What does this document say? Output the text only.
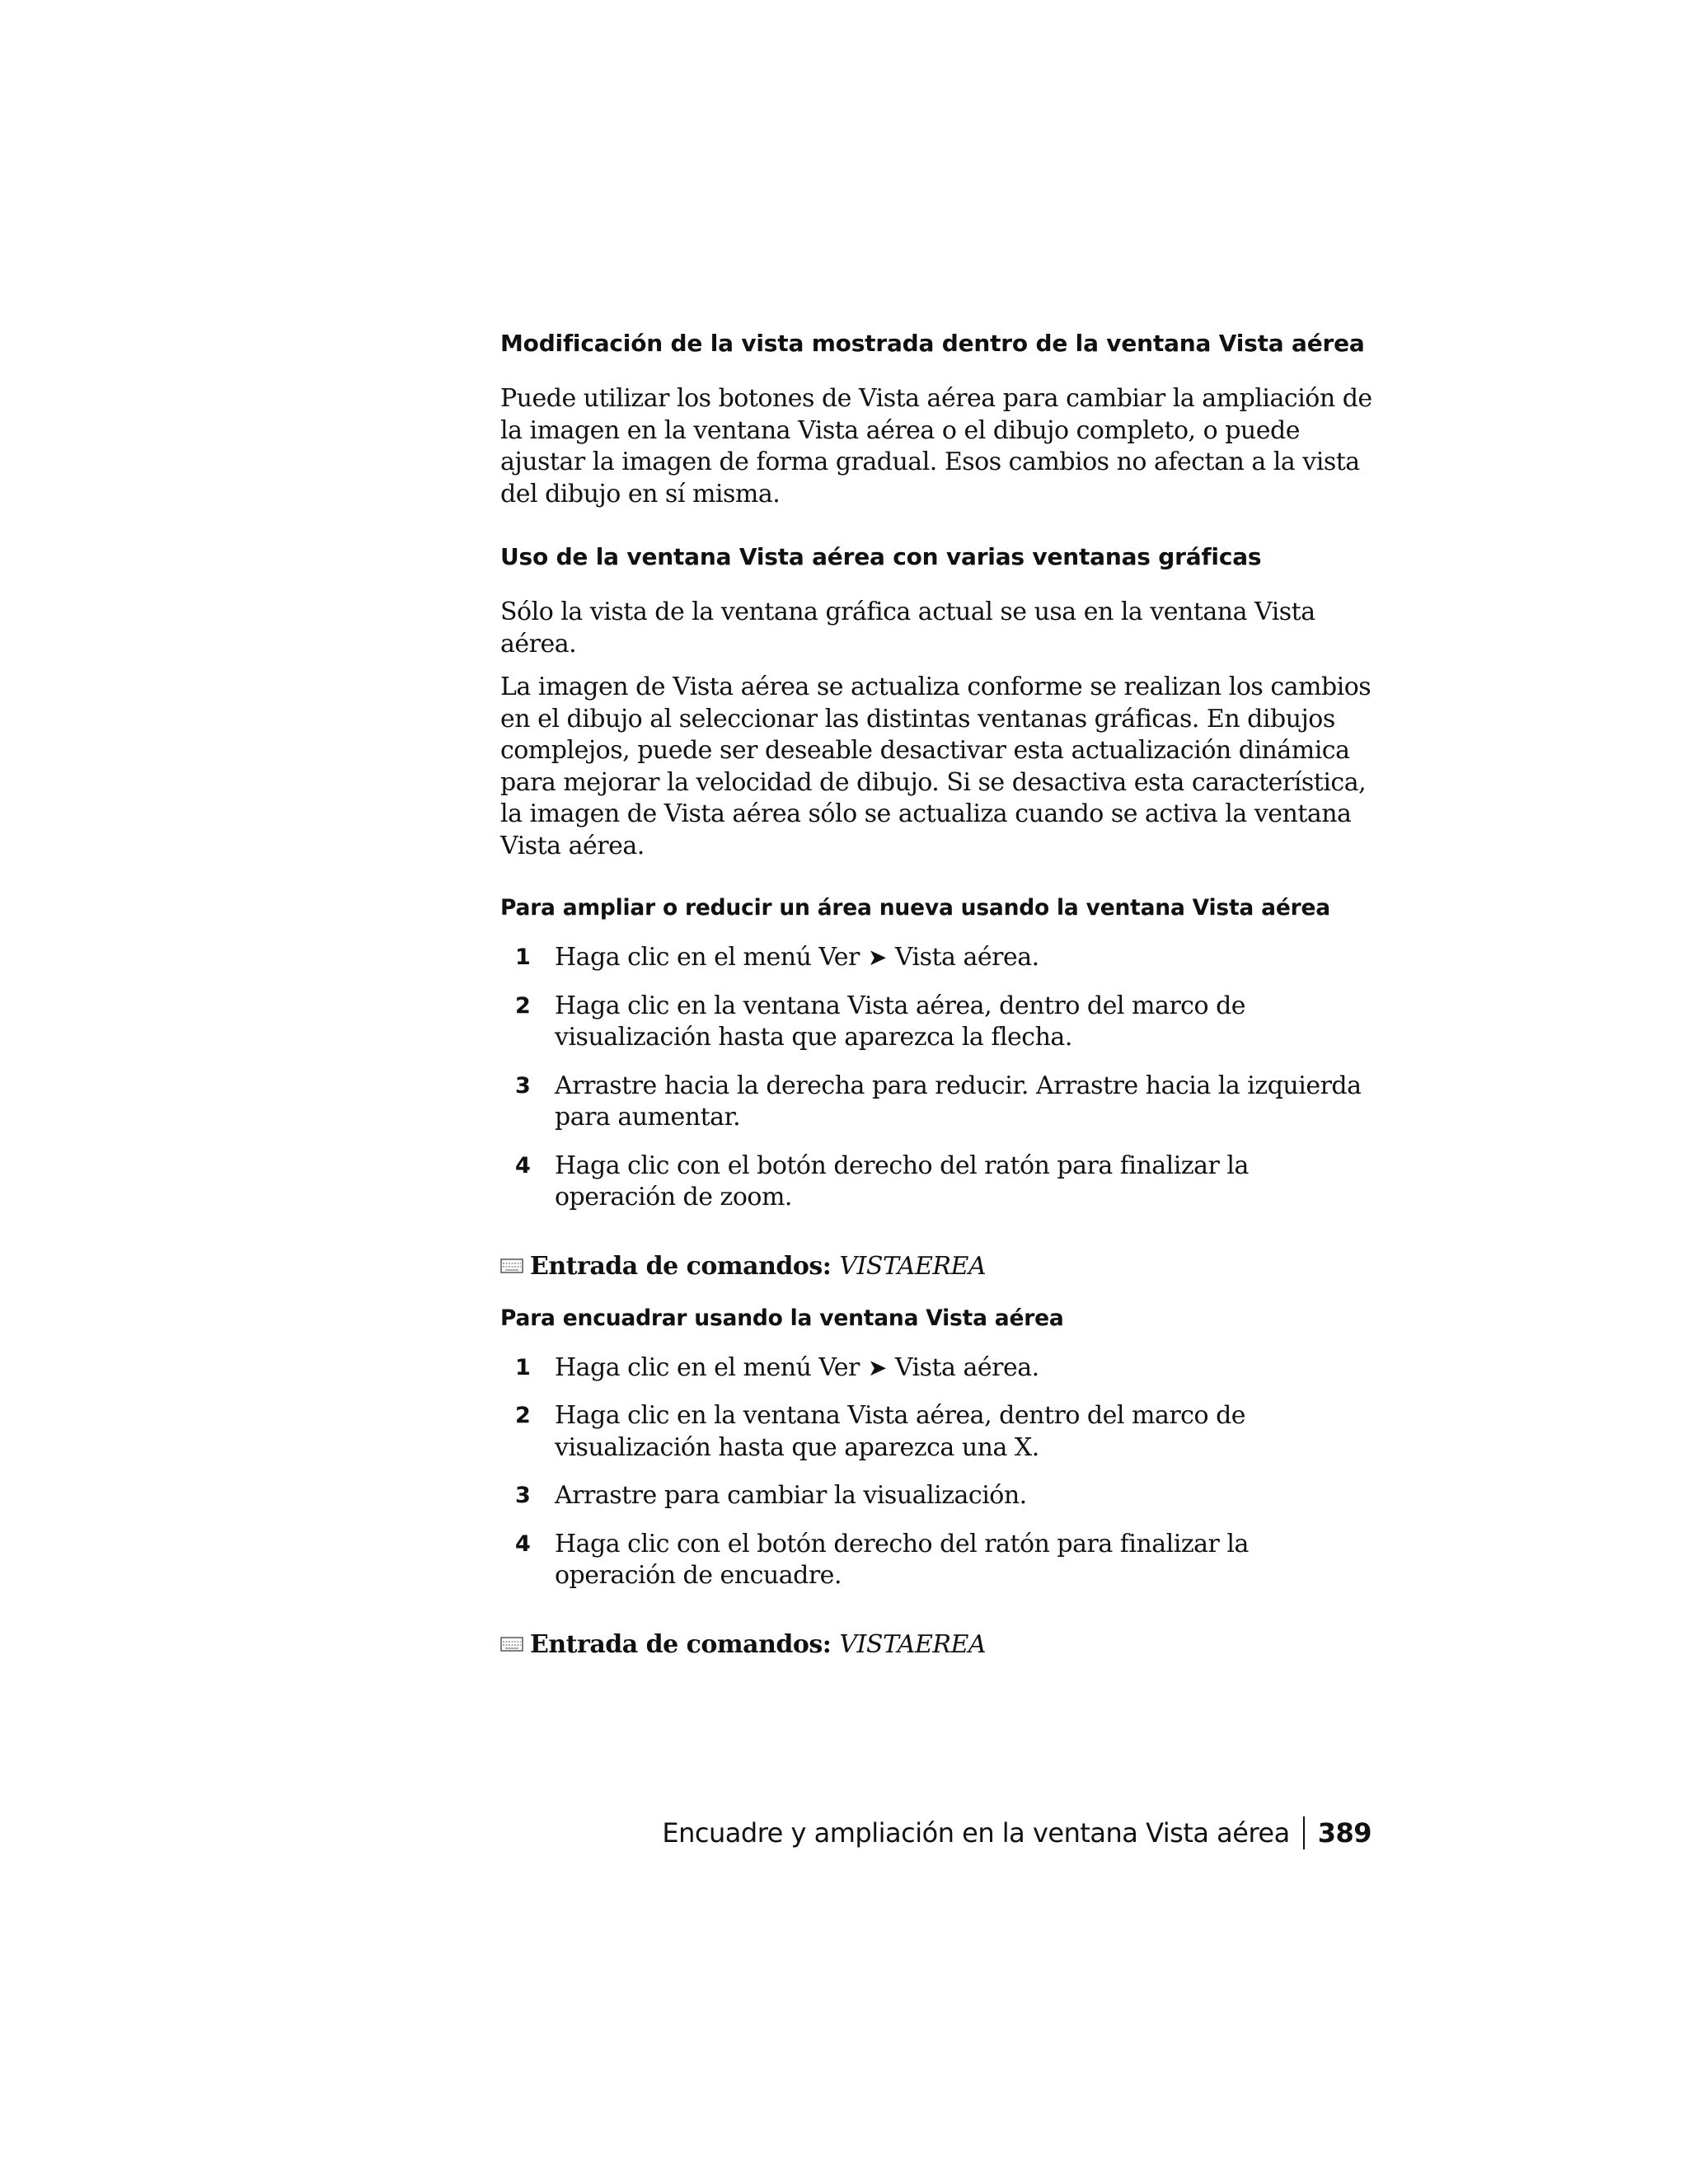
Modificación de la vista mostrada dentro de la ventana Vista aérea

Puede utilizar los botones de Vista aérea para cambiar la ampliación de la imagen en la ventana Vista aérea o el dibujo completo, o puede ajustar la imagen de forma gradual. Esos cambios no afectan a la vista del dibujo en sí misma.

Uso de la ventana Vista aérea con varias ventanas gráficas

Sólo la vista de la ventana gráfica actual se usa en la ventana Vista aérea.

La imagen de Vista aérea se actualiza conforme se realizan los cambios en el dibujo al seleccionar las distintas ventanas gráficas. En dibujos complejos, puede ser deseable desactivar esta actualización dinámica para mejorar la velocidad de dibujo. Si se desactiva esta característica, la imagen de Vista aérea sólo se actualiza cuando se activa la ventana Vista aérea.

Para ampliar o reducir un área nueva usando la ventana Vista aérea
1 Haga clic en el menú Ver ➤ Vista aérea.
2 Haga clic en la ventana Vista aérea, dentro del marco de visualización hasta que aparezca la flecha.
3 Arrastre hacia la derecha para reducir. Arrastre hacia la izquierda para aumentar.
4 Haga clic con el botón derecho del ratón para finalizar la operación de zoom.
Entrada de comandos: VISTAEREA
Para encuadrar usando la ventana Vista aérea
1 Haga clic en el menú Ver ➤ Vista aérea.
2 Haga clic en la ventana Vista aérea, dentro del marco de visualización hasta que aparezca una X.
3 Arrastre para cambiar la visualización.
4 Haga clic con el botón derecho del ratón para finalizar la operación de encuadre.
Entrada de comandos: VISTAEREA
Encuadre y ampliación en la ventana Vista aérea 389
